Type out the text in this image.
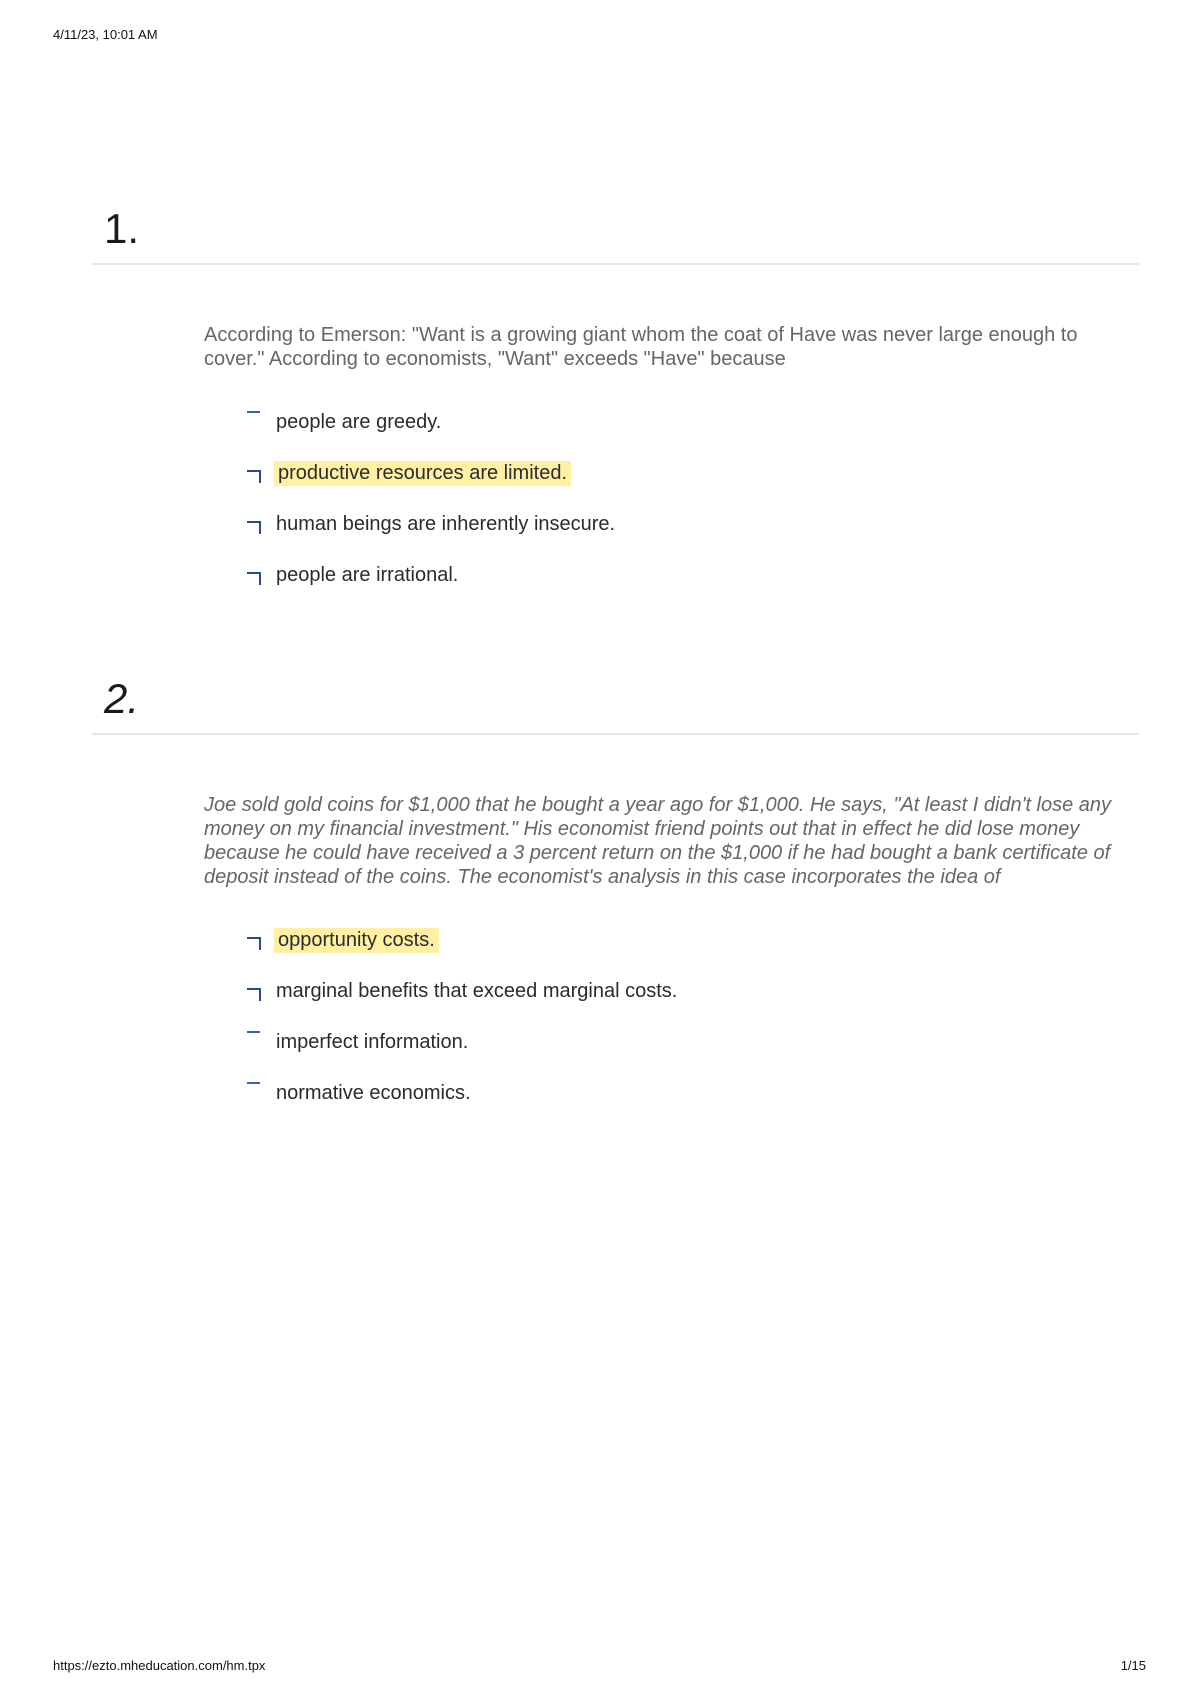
4/11/23, 10:01 AM
1.
According to Emerson: "Want is a growing giant whom the coat of Have was never large enough to cover." According to economists, "Want" exceeds "Have" because
people are greedy.
productive resources are limited.
human beings are inherently insecure.
people are irrational.
2.
Joe sold gold coins for $1,000 that he bought a year ago for $1,000. He says, "At least I didn't lose any money on my financial investment." His economist friend points out that in effect he did lose money because he could have received a 3 percent return on the $1,000 if he had bought a bank certificate of deposit instead of the coins. The economist's analysis in this case incorporates the idea of
opportunity costs.
marginal benefits that exceed marginal costs.
imperfect information.
normative economics.
https://ezto.mheducation.com/hm.tpx	1/15
